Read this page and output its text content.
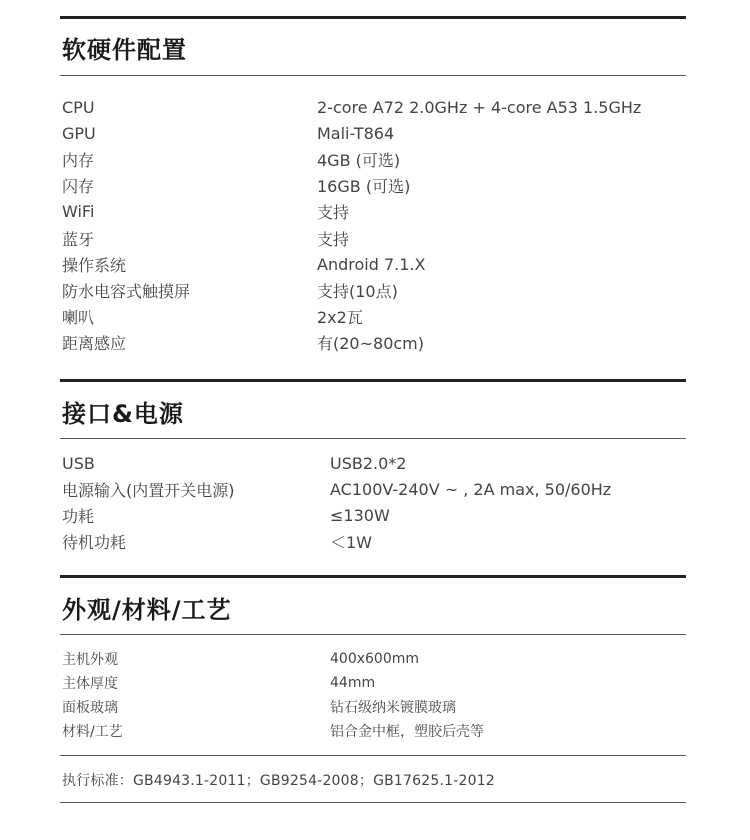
软硬件配置
CPU	2-core A72 2.0GHz + 4-core A53 1.5GHz
GPU	Mali-T864
内存	4GB (可选)
闪存	16GB (可选)
WiFi	支持
蓝牙	支持
操作系统	Android 7.1.X
防水电容式触摸屏	支持(10点)
喇叭	2x2瓦
距离感应	有(20~80cm)
接口&电源
USB	USB2.0*2
电源输入(内置开关电源)	AC100V-240V ~ , 2A max, 50/60Hz
功耗	≤130W
待机功耗	＜1W
外观/材料/工艺
主机外观	400x600mm
主体厚度	44mm
面板玻璃	钻石级纳米镀膜玻璃
材料/工艺	铝合金中框，塑胶后壳等
执行标准：GB4943.1-2011；GB9254-2008；GB17625.1-2012
